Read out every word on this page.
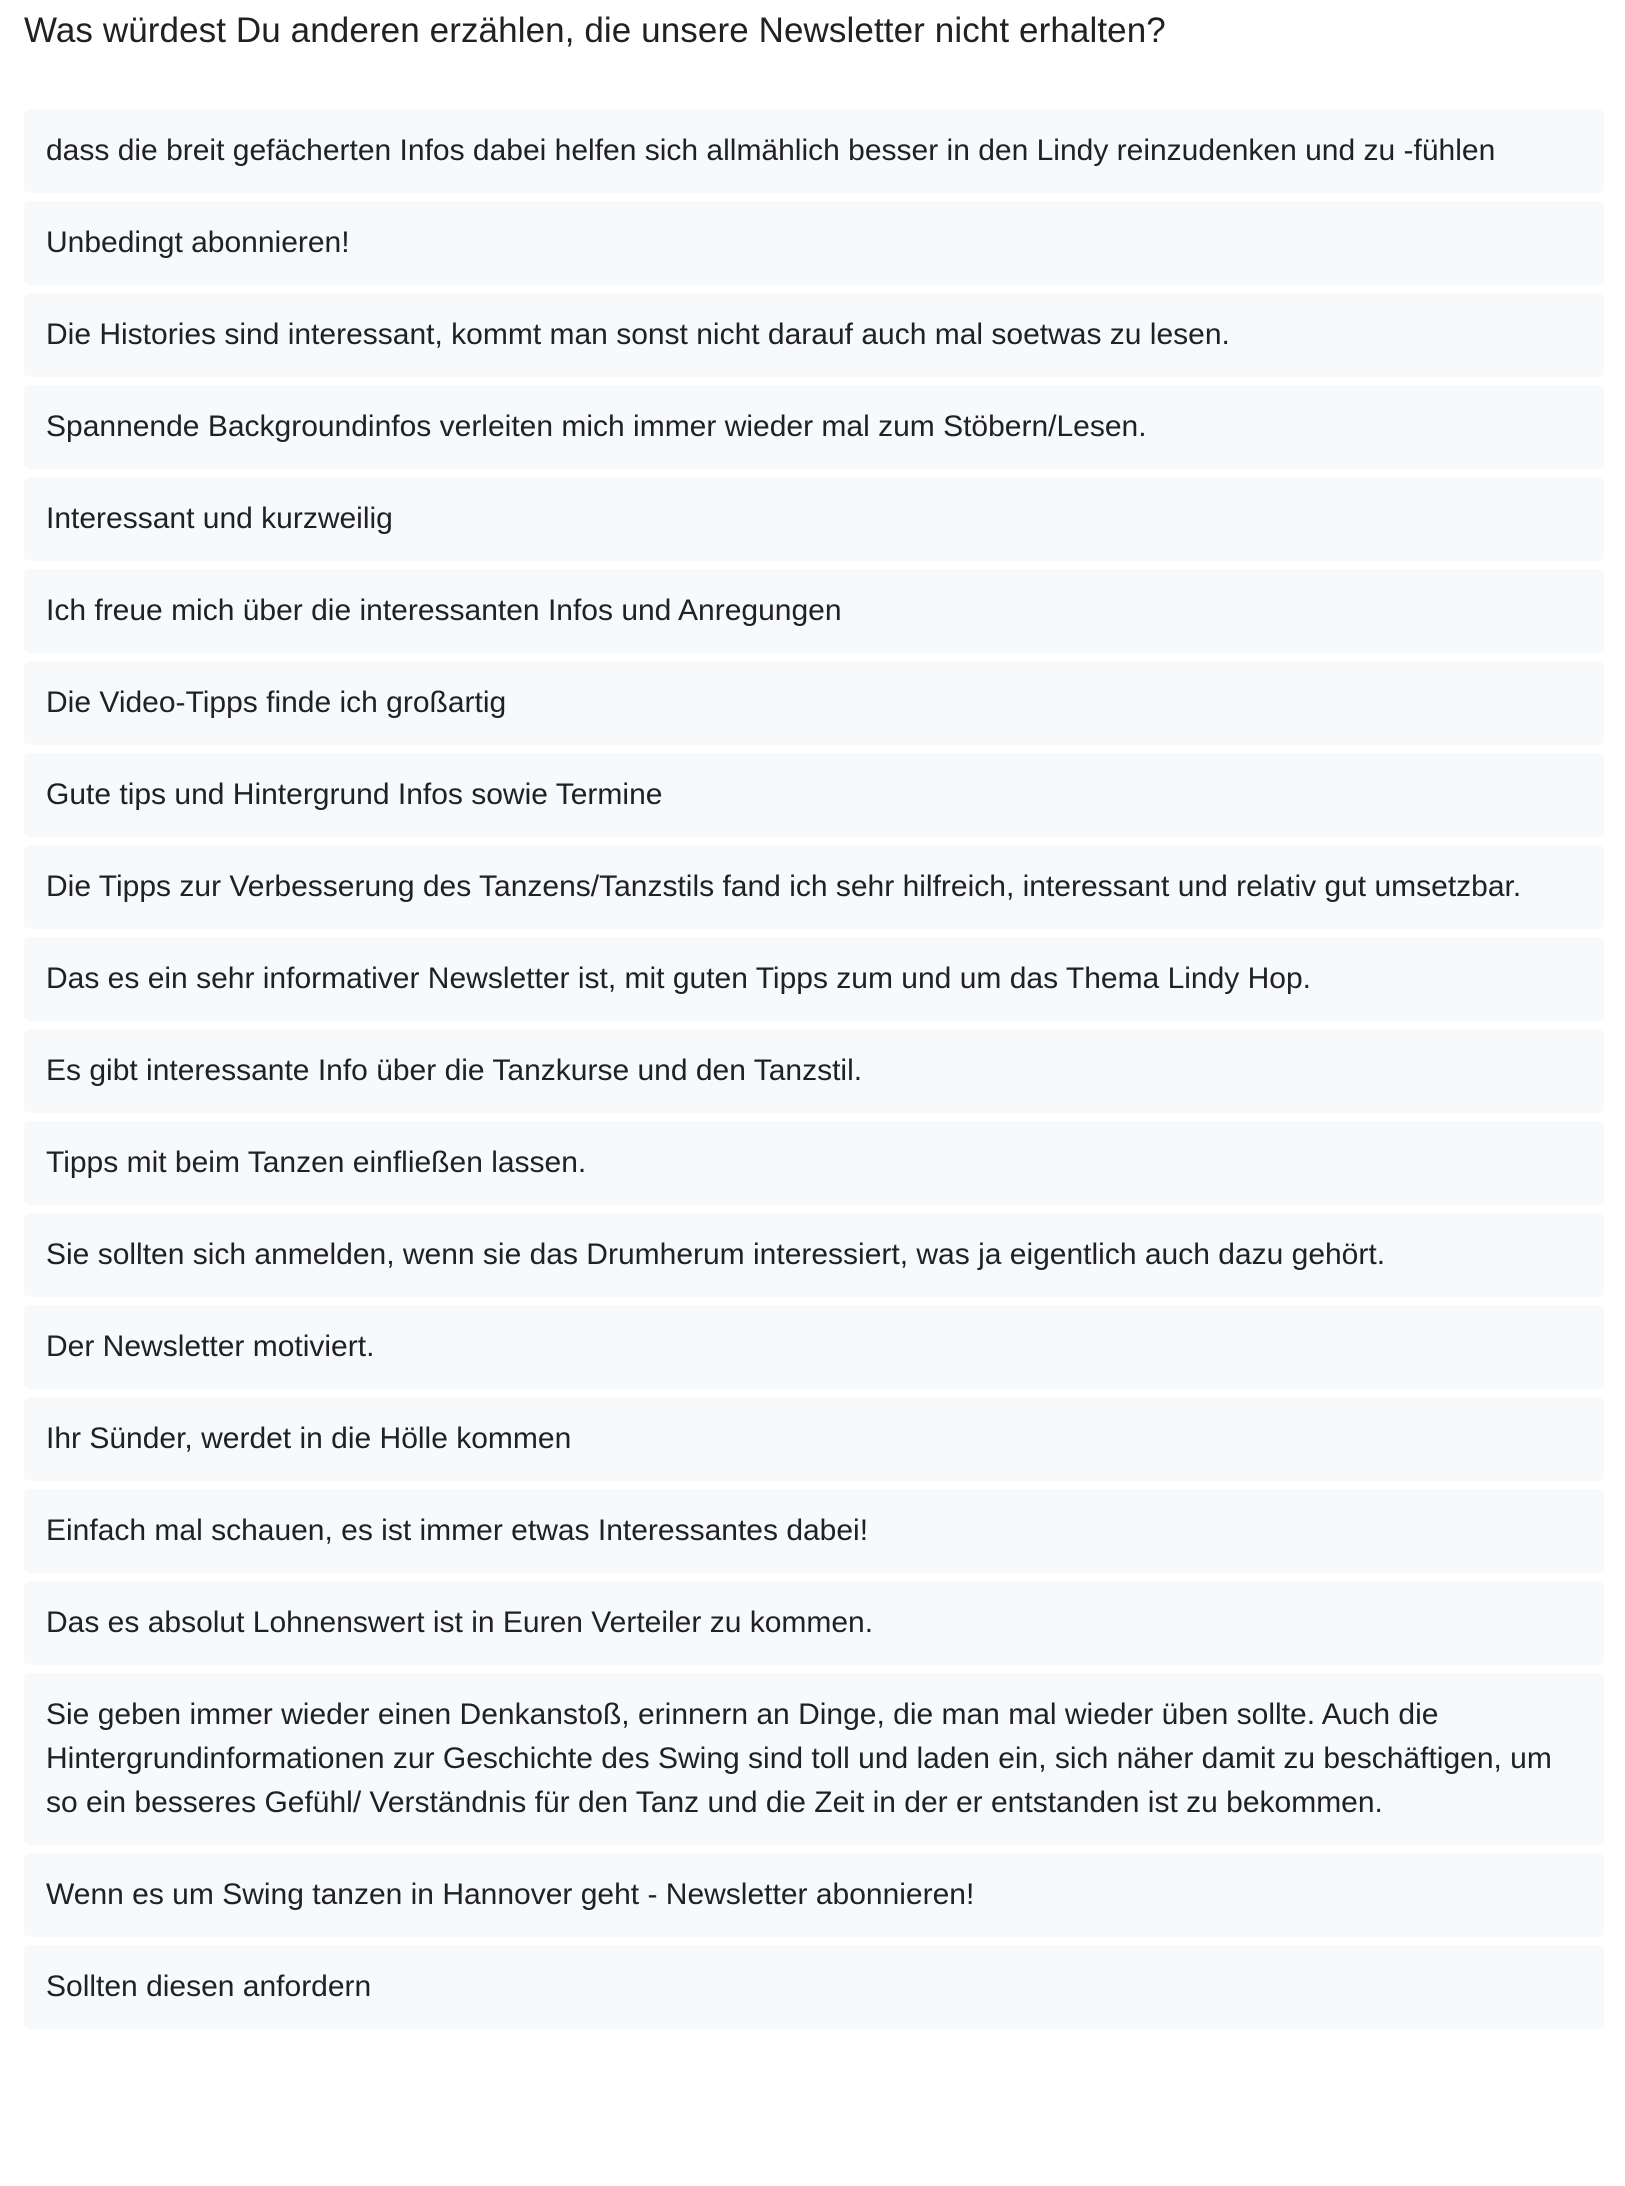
Was würdest Du anderen erzählen, die unsere Newsletter nicht erhalten?
dass die breit gefächerten Infos dabei helfen sich allmählich besser in den Lindy reinzudenken und zu -fühlen
Unbedingt abonnieren!
Die Histories sind interessant, kommt man sonst nicht darauf auch mal soetwas zu lesen.
Spannende Backgroundinfos verleiten mich immer wieder mal zum Stöbern/Lesen.
Interessant und kurzweilig
Ich freue mich über die interessanten Infos und Anregungen
Die Video-Tipps finde ich großartig
Gute tips und Hintergrund Infos sowie Termine
Die Tipps zur Verbesserung des Tanzens/Tanzstils fand ich sehr hilfreich, interessant und relativ gut umsetzbar.
Das es ein sehr informativer Newsletter ist, mit guten Tipps zum und um das Thema Lindy Hop.
Es gibt interessante Info über die Tanzkurse und den Tanzstil.
Tipps mit beim Tanzen einfließen lassen.
Sie sollten sich anmelden, wenn sie das Drumherum interessiert, was ja eigentlich auch dazu gehört.
Der Newsletter motiviert.
Ihr Sünder, werdet in die Hölle kommen
Einfach mal schauen, es ist immer etwas Interessantes dabei!
Das es absolut Lohnenswert ist in Euren Verteiler zu kommen.
Sie geben immer wieder einen Denkanstoß, erinnern an Dinge, die man mal wieder üben sollte. Auch die Hintergrundinformationen zur Geschichte des Swing sind toll und laden ein, sich näher damit zu beschäftigen, um so ein besseres Gefühl/ Verständnis für den Tanz und die Zeit in der er entstanden ist zu bekommen.
Wenn es um Swing tanzen in Hannover geht - Newsletter abonnieren!
Sollten diesen anfordern
